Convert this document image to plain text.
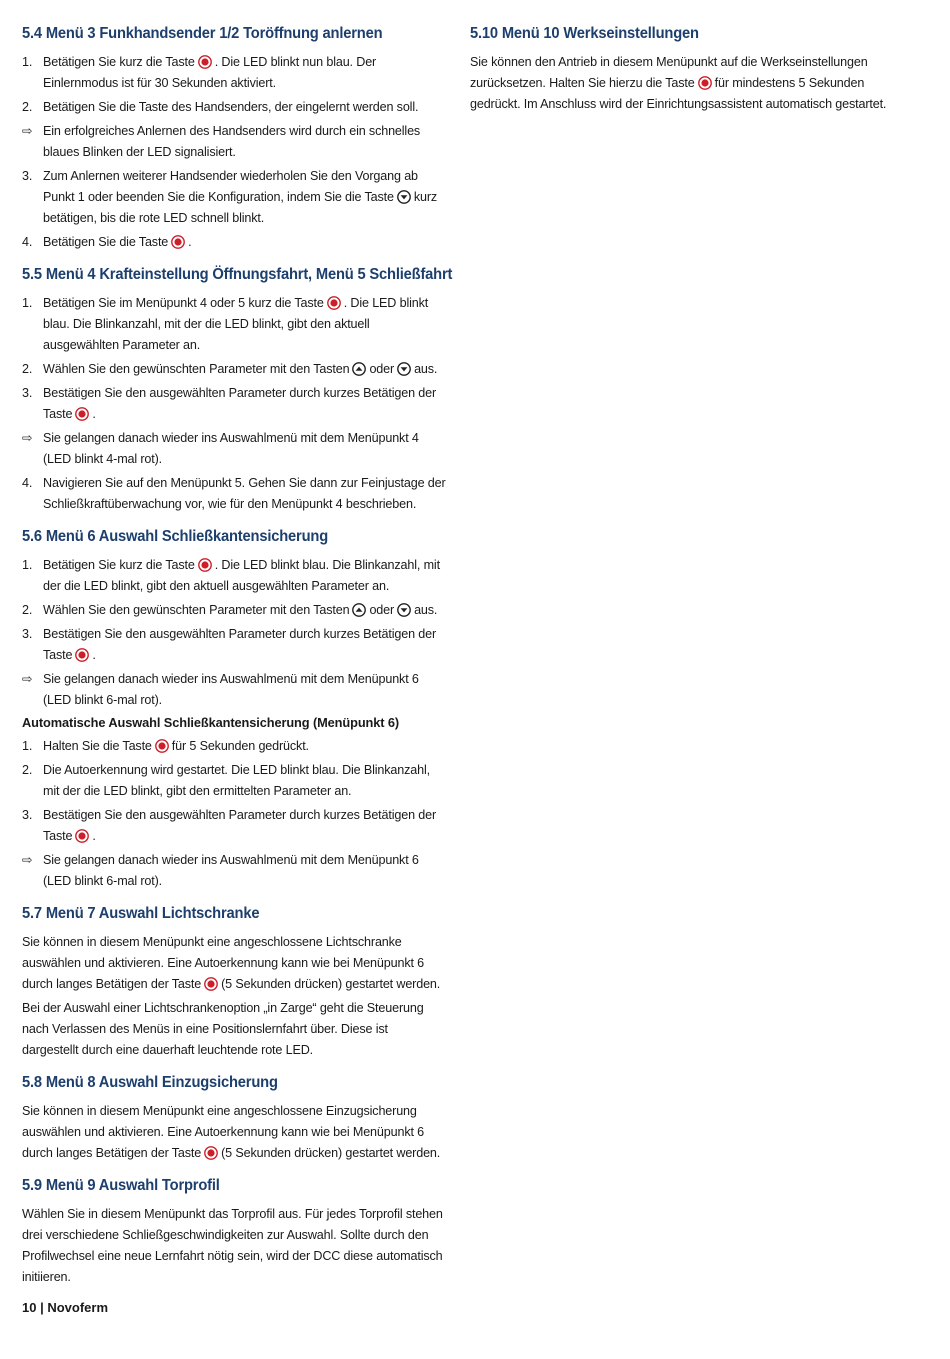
5.4 Menü 3 Funkhandsender 1/2 Toröffnung anlernen
1. Betätigen Sie kurz die Taste . Die LED blinkt nun blau. Der Einlernmodus ist für 30 Sekunden aktiviert.
2. Betätigen Sie die Taste des Handsenders, der eingelernt werden soll.
⇨ Ein erfolgreiches Anlernen des Handsenders wird durch ein schnelles blaues Blinken der LED signalisiert.
3. Zum Anlernen weiterer Handsender wiederholen Sie den Vorgang ab Punkt 1 oder beenden Sie die Konfiguration, indem Sie die Taste kurz betätigen, bis die rote LED schnell blinkt.
4. Betätigen Sie die Taste .
5.5 Menü 4 Krafteinstellung Öffnungsfahrt, Menü 5 Schließfahrt
1. Betätigen Sie im Menüpunkt 4 oder 5 kurz die Taste . Die LED blinkt blau. Die Blinkanzahl, mit der die LED blinkt, gibt den aktuell ausgewählten Parameter an.
2. Wählen Sie den gewünschten Parameter mit den Tasten oder aus.
3. Bestätigen Sie den ausgewählten Parameter durch kurzes Betätigen der Taste .
⇨ Sie gelangen danach wieder ins Auswahlmenü mit dem Menüpunkt 4 (LED blinkt 4-mal rot).
4. Navigieren Sie auf den Menüpunkt 5. Gehen Sie dann zur Feinjustage der Schließkraftüberwachung vor, wie für den Menüpunkt 4 beschrieben.
5.6 Menü 6 Auswahl Schließkantensicherung
1. Betätigen Sie kurz die Taste . Die LED blinkt blau. Die Blinkanzahl, mit der die LED blinkt, gibt den aktuell ausgewählten Parameter an.
2. Wählen Sie den gewünschten Parameter mit den Tasten oder aus.
3. Bestätigen Sie den ausgewählten Parameter durch kurzes Betätigen der Taste .
⇨ Sie gelangen danach wieder ins Auswahlmenü mit dem Menüpunkt 6 (LED blinkt 6-mal rot).
Automatische Auswahl Schließkantensicherung (Menüpunkt 6)
1. Halten Sie die Taste für 5 Sekunden gedrückt.
2. Die Autoerkennung wird gestartet. Die LED blinkt blau. Die Blinkanzahl, mit der die LED blinkt, gibt den ermittelten Parameter an.
3. Bestätigen Sie den ausgewählten Parameter durch kurzes Betätigen der Taste .
⇨ Sie gelangen danach wieder ins Auswahlmenü mit dem Menüpunkt 6 (LED blinkt 6-mal rot).
5.7 Menü 7 Auswahl Lichtschranke

Sie können in diesem Menüpunkt eine angeschlossene Lichtschranke auswählen und aktivieren. Eine Autoerkennung kann wie bei Menüpunkt 6 durch langes Betätigen der Taste (5 Sekunden drücken) gestartet werden.

Bei der Auswahl einer Lichtschrankenoption „in Zarge“ geht die Steuerung nach Verlassen des Menüs in eine Positionslernfahrt über. Diese ist dargestellt durch eine dauerhaft leuchtende rote LED.

5.8 Menü 8 Auswahl Einzugsicherung

Sie können in diesem Menüpunkt eine angeschlossene Einzugsicherung auswählen und aktivieren. Eine Autoerkennung kann wie bei Menüpunkt 6 durch langes Betätigen der Taste (5 Sekunden drücken) gestartet werden.

5.9 Menü 9 Auswahl Torprofil

Wählen Sie in diesem Menüpunkt das Torprofil aus. Für jedes Torprofil stehen drei verschiedene Schließgeschwindigkeiten zur Auswahl. Sollte durch den Profilwechsel eine neue Lernfahrt nötig sein, wird der DCC diese automatisch initiieren.

5.10 Menü 10 Werkseinstellungen

Sie können den Antrieb in diesem Menüpunkt auf die Werkseinstellungen zurücksetzen. Halten Sie hierzu die Taste für mindestens 5 Sekunden gedrückt. Im Anschluss wird der Einrichtungsassistent automatisch gestartet.

10 | Novoferm
